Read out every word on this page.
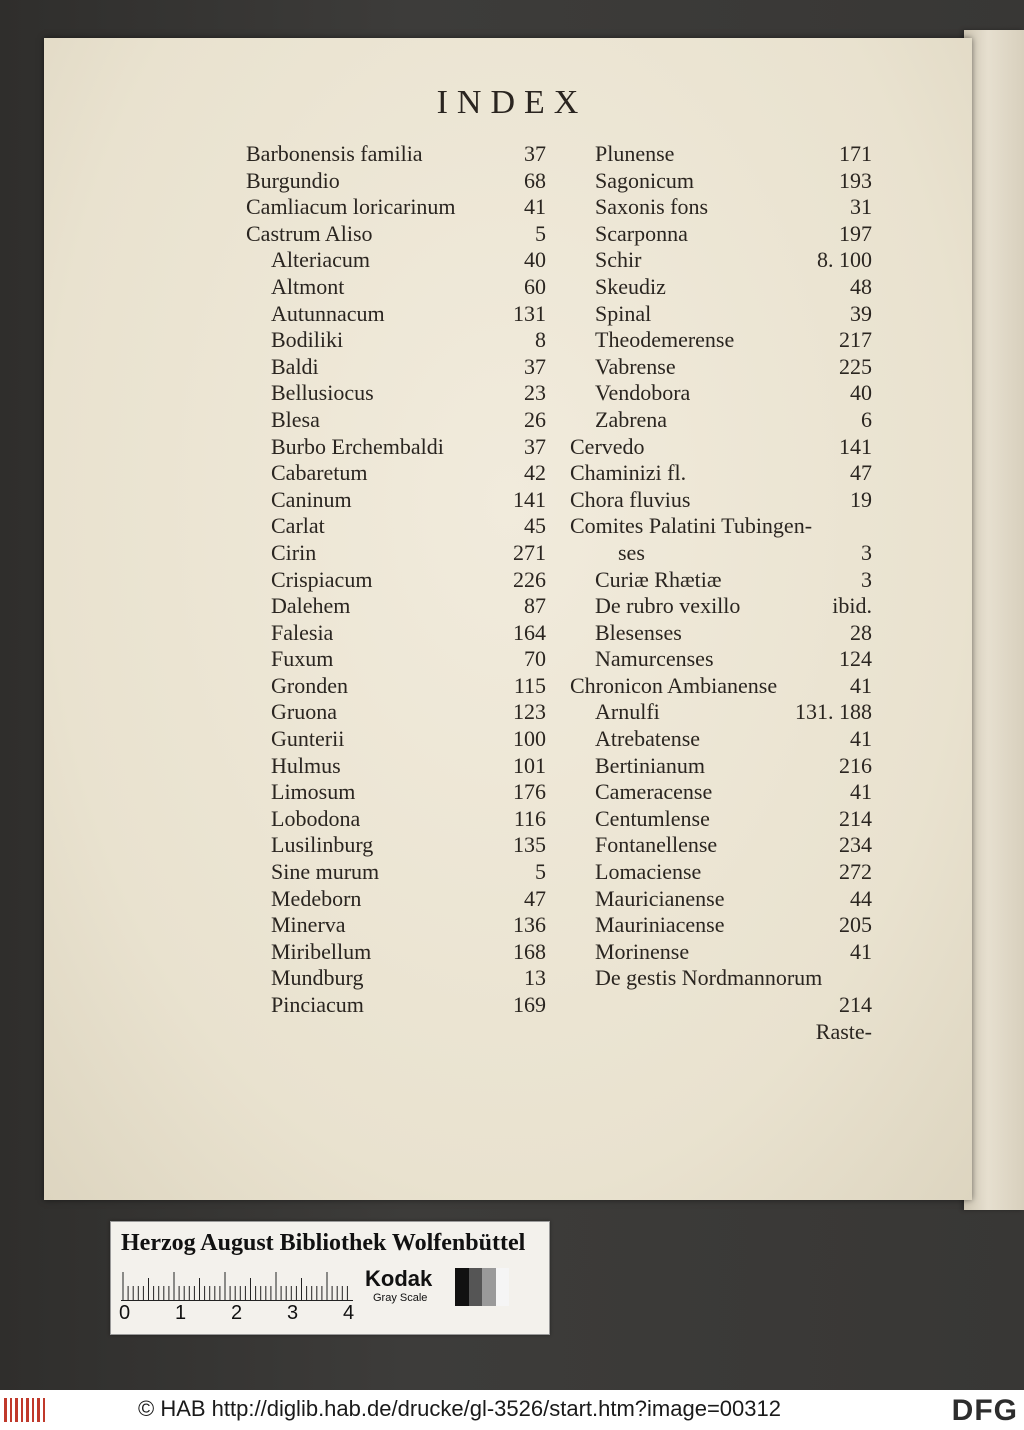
INDEX
Barbonensis familia	37
Burgundio	68
Camliacum loricarinum	41
Castrum Aliso	5
Alteriacum	40
Altmont	60
Autunnacum	131
Bodiliki	8
Baldi	37
Bellusiocus	23
Blesa	26
Burbo Erchembaldi	37
Cabaretum	42
Caninum	141
Carlat	45
Cirin	271
Crispiacum	226
Dalehem	87
Falesia	164
Fuxum	70
Gronden	115
Gruona	123
Gunterii	100
Hulmus	101
Limosum	176
Lobodona	116
Lusilinburg	135
Sine murum	5
Medeborn	47
Minerva	136
Miribellum	168
Mundburg	13
Pinciacum	169
Plunense	171
Sagonicum	193
Saxonis fons	31
Scarponna	197
Schir	8. 100
Skeudiz	48
Spinal	39
Theodemerense	217
Vabrense	225
Vendobora	40
Zabrena	6
Cervedo	141
Chaminizi fl.	47
Chora fluvius	19
Comites Palatini Tubingen-
ses	3
Curiæ Rhætiæ	3
De rubro vexillo	ibid.
Blesenses	28
Namurcenses	124
Chronicon Ambianense	41
Arnulfi	131. 188
Atrebatense	41
Bertinianum	216
Cameracense	41
Centumlense	214
Fontanellense	234
Lomaciense	272
Mauricianense	44
Mauriniacense	205
Morinense	41
De gestis Nordmannorum
214
Raste-
Herzog August Bibliothek Wolfenbüttel
0 1 2 3 4
Kodak
Gray Scale
© HAB http://diglib.hab.de/drucke/gl-3526/start.htm?image=00312	DFG
